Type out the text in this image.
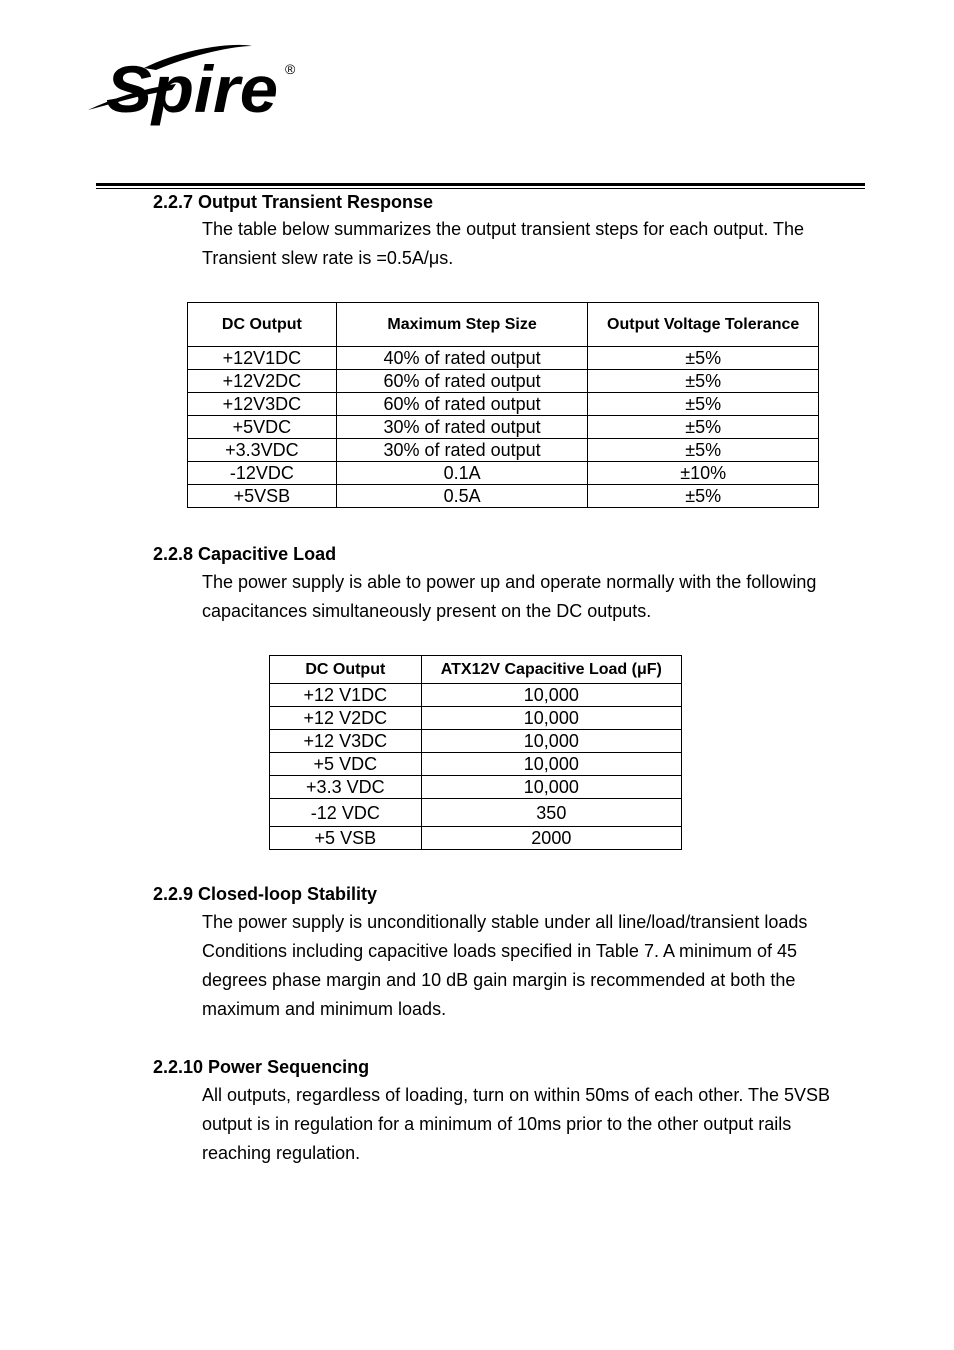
Spire ®
2.2.7 Output Transient Response

The table below summarizes the output transient steps for each output. The
Transient slew rate is =0.5A/μs.

DC Output	Maximum Step Size	Output Voltage Tolerance
+12V1DC	40% of rated output	±5%
+12V2DC	60% of rated output	±5%
+12V3DC	60% of rated output	±5%
+5VDC	30% of rated output	±5%
+3.3VDC	30% of rated output	±5%
-12VDC	0.1A	±10%
+5VSB	0.5A	±5%
2.2.8 Capacitive Load

The power supply is able to power up and operate normally with the following
capacitances simultaneously present on the DC outputs.

DC Output	ATX12V Capacitive Load (μF)
+12 V1DC	10,000
+12 V2DC	10,000
+12 V3DC	10,000
+5 VDC	10,000
+3.3 VDC	10,000
-12 VDC	350
+5 VSB	2000
2.2.9 Closed-loop Stability

The power supply is unconditionally stable under all line/load/transient loads
Conditions including capacitive loads specified in Table 7. A minimum of 45
degrees phase margin and 10 dB gain margin is recommended at both the
maximum and minimum loads.

2.2.10 Power Sequencing

All outputs, regardless of loading, turn on within 50ms of each other. The 5VSB
output is in regulation for a minimum of 10ms prior to the other output rails
reaching regulation.
